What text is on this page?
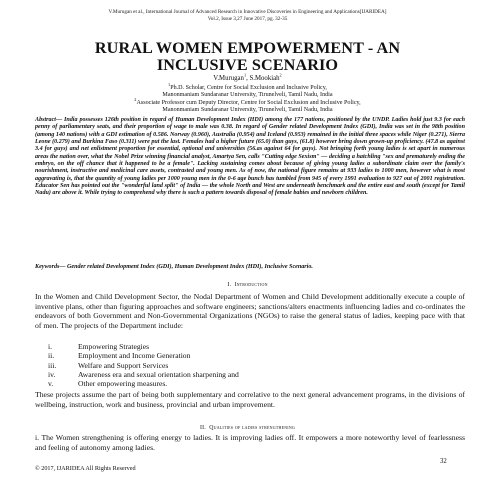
V.Murugan et al., International Journal of Advanced Research in Innovative Discoveries in Engineering and Applications[IJARIDEA]
Vol.2, Issue 3,27 June 2017, pg. 32-35
RURAL WOMEN EMPOWERMENT - AN
INCLUSIVE SCENARIO
V.Murugan$^1$, S.Mookiah$^2$
$^1$Ph.D. Scholar, Centre for Social Exclusion and Inclusive Policy,
Manonmaniam Sundaranar University, Tirunelveli, Tamil Nadu, India
$^2$Associate Professor cum Deputy Director, Centre for Social Exclusion and Inclusive Policy,
Manonmaniam Sundaranar University, Tirunelveli, Tamil Nadu, India
Abstract— India possesses 126th position in regard of Human Development Index (HDI) among the 177 nations, positioned by the UNDP. Ladies hold just 9.3 for each penny of parliamentary seats, and their proportion of wage to male was 0.38. In regard of Gender related Development Index (GDI), India was set in the 98th position (among 140 nations) with a GDI estimation of 0.586. Norway (0.960), Australia (0.954) and Iceland (0.953) remained in the initial three spaces while Niger (0.271), Sierra Leone (0.279) and Burkina Faso (0.311) were put the last. Females had a higher future (65.0) than guys, (61.8) however bring down grown-up proficiency. (47.8 as against 3.4 for guys) and net enlistment proportion for essential, optional and universities (56.as against 64 for guys). Not bringing forth young ladies is set apart in numerous areas the nation over, what the Nobel Prize winning financial analyst, Amartya Sen, calls "Cutting edge Sexism" — deciding a hatchling "sex and prematurely ending the embryo, on the off chance that it happened to be a female". Lacking sustaining comes about because of giving young ladies a subordinate claim over the family's nourishment, instructive and medicinal care assets, contrasted and young men. As of now, the national figure remains at 933 ladies to 1000 men, however what is most aggravating is, that the quantity of young ladies per 1000 young men in the 0-6 age bunch has tumbled from 945 of every 1991 evaluation to 927 out of 2001 registration. Educator Sen has pointed out the "wonderful land split" of India — the whole North and West are underneath benchmark and the entire east and south (except for Tamil Nadu) are above it. While trying to comprehend why there is such a pattern towards disposal of female babies and newborn children.
Keywords— Gender related Development Index (GDI), Human Development Index (HDI), Inclusive Scenario.
I. Introduction
In the Women and Child Development Sector, the Nodal Department of Women and Child Development additionally execute a couple of inventive plans, other than figuring approaches and software engineers; sanctions/alters enactments influencing ladies and co-ordinates the endeavors of both Government and Non-Governmental Organizations (NGOs) to raise the general status of ladies, keeping pace with that of men. The projects of the Department include:
i.	Empowering Strategies
ii.	Employment and Income Generation
iii.	Welfare and Support Services
iv.	Awareness era and sexual orientation sharpening and
v.	Other empowering measures.
These projects assume the part of being both supplementary and correlative to the next general advancement programs, in the divisions of wellbeing, instruction, work and business, provincial and urban improvement.
II. Qualities of ladies strengthening
i. The Women strengthening is offering energy to ladies. It is improving ladies off. It empowers a more noteworthy level of fearlessness and feeling of autonomy among ladies.
32
© 2017, IJARIDEA All Rights Reserved
